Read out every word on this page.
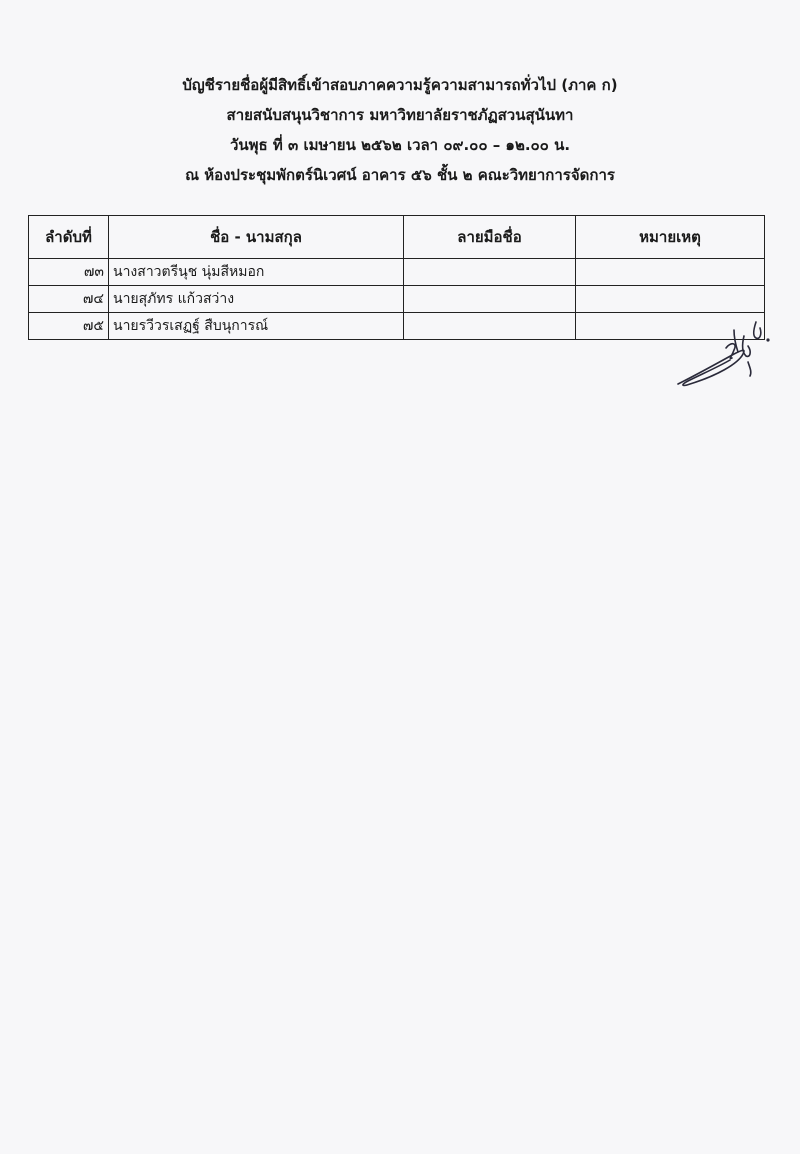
บัญชีรายชื่อผู้มีสิทธิ์เข้าสอบภาคความรู้ความสามารถทั่วไป (ภาค ก)
สายสนับสนุนวิชาการ มหาวิทยาลัยราชภัฏสวนสุนันทา
วันพุธ ที่ ๓ เมษายน ๒๕๖๒ เวลา ๐๙.๐๐ – ๑๒.๐๐ น.
ณ ห้องประชุมพักตร์นิเวศน์ อาคาร ๕๖ ชั้น ๒ คณะวิทยาการจัดการ
ลำดับที่	ชื่อ - นามสกุล	ลายมือชื่อ	หมายเหตุ
๗๓	นางสาวตรีนุช นุ่มสีหมอก		
๗๔	นายสุภัทร แก้วสว่าง		
๗๕	นายรวีวรเสฏฐ์ สืบนุการณ์		
